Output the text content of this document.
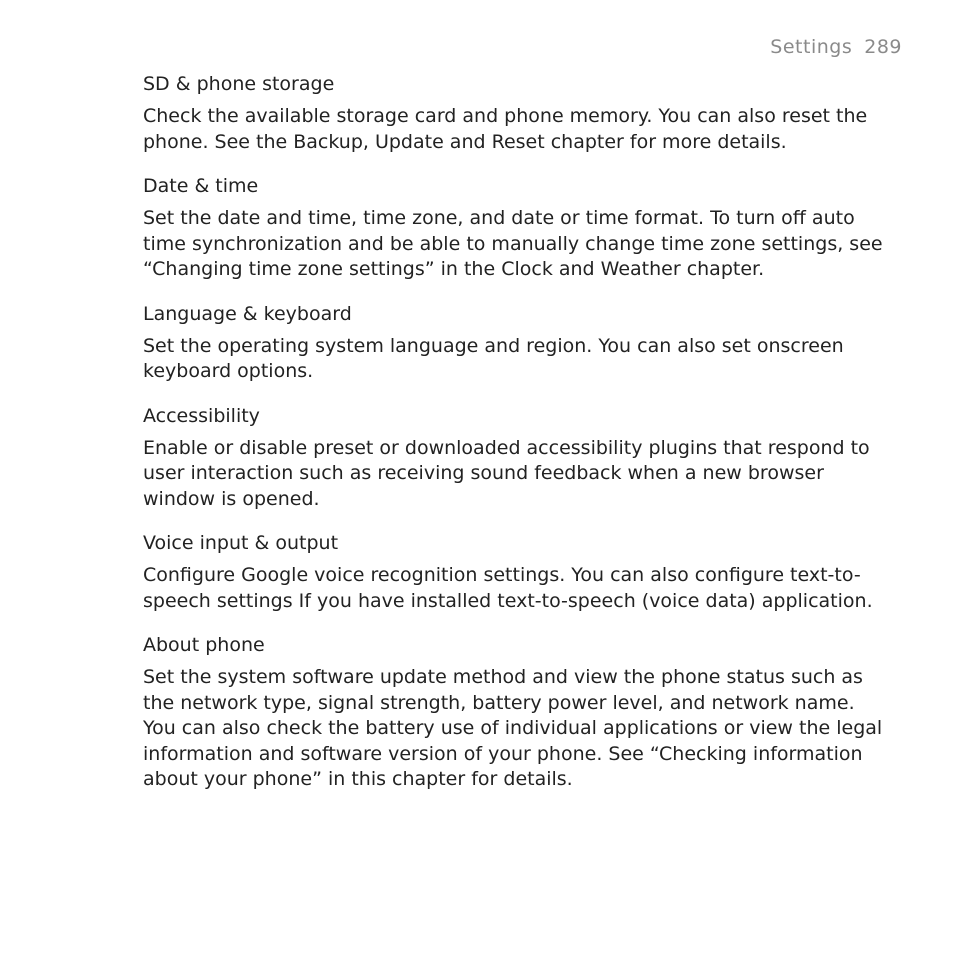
Settings 289
SD & phone storage

Check the available storage card and phone memory. You can also reset the phone. See the Backup, Update and Reset chapter for more details.

Date & time

Set the date and time, time zone, and date or time format. To turn off auto time synchronization and be able to manually change time zone settings, see “Changing time zone settings” in the Clock and Weather chapter.

Language & keyboard

Set the operating system language and region. You can also set onscreen keyboard options.

Accessibility

Enable or disable preset or downloaded accessibility plugins that respond to user interaction such as receiving sound feedback when a new browser window is opened.

Voice input & output

Configure Google voice recognition settings. You can also configure text-to-speech settings If you have installed text-to-speech (voice data) application.

About phone

Set the system software update method and view the phone status such as the network type, signal strength, battery power level, and network name. You can also check the battery use of individual applications or view the legal information and software version of your phone. See “Checking information about your phone” in this chapter for details.
